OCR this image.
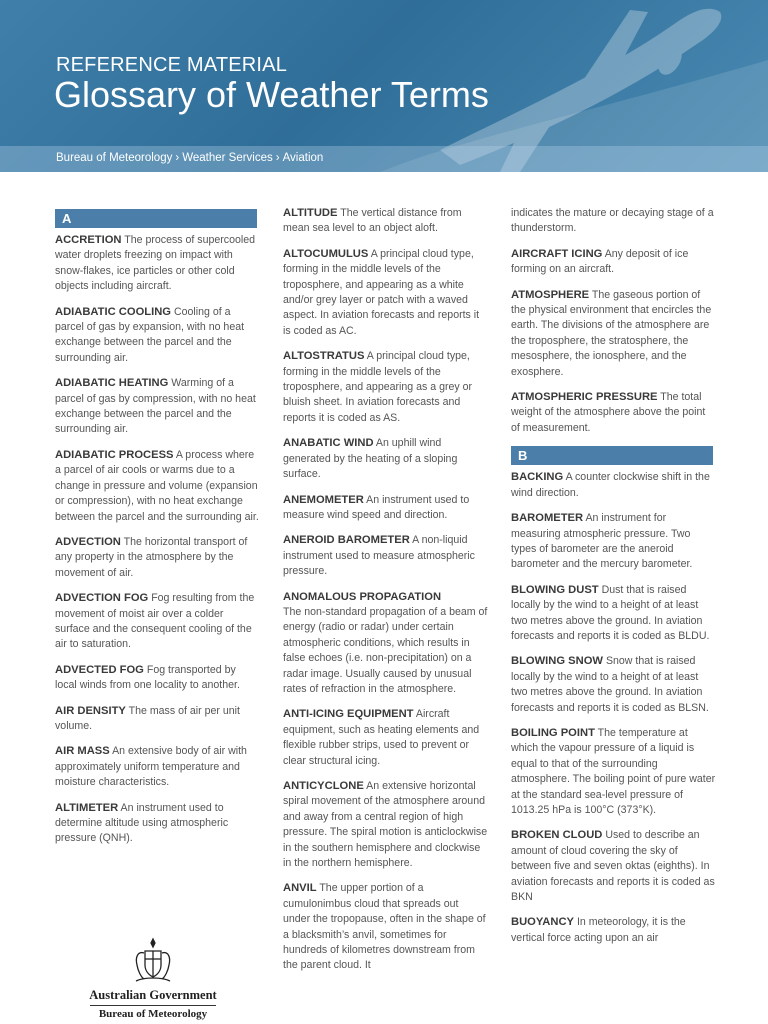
REFERENCE MATERIAL
Glossary of Weather Terms
Bureau of Meteorology › Weather Services › Aviation
A
ACCRETION The process of supercooled water droplets freezing on impact with snow-flakes, ice particles or other cold objects including aircraft.
ADIABATIC COOLING Cooling of a parcel of gas by expansion, with no heat exchange between the parcel and the surrounding air.
ADIABATIC HEATING Warming of a parcel of gas by compression, with no heat exchange between the parcel and the surrounding air.
ADIABATIC PROCESS A process where a parcel of air cools or warms due to a change in pressure and volume (expansion or compression), with no heat exchange between the parcel and the surrounding air.
ADVECTION The horizontal transport of any property in the atmosphere by the movement of air.
ADVECTION FOG Fog resulting from the movement of moist air over a colder surface and the consequent cooling of the air to saturation.
ADVECTED FOG Fog transported by local winds from one locality to another.
AIR DENSITY The mass of air per unit volume.
AIR MASS An extensive body of air with approximately uniform temperature and moisture characteristics.
ALTIMETER An instrument used to determine altitude using atmospheric pressure (QNH).
ALTITUDE The vertical distance from mean sea level to an object aloft.
ALTOCUMULUS A principal cloud type, forming in the middle levels of the troposphere, and appearing as a white and/or grey layer or patch with a waved aspect. In aviation forecasts and reports it is coded as AC.
ALTOSTRATUS A principal cloud type, forming in the middle levels of the troposphere, and appearing as a grey or bluish sheet. In aviation forecasts and reports it is coded as AS.
ANABATIC WIND An uphill wind generated by the heating of a sloping surface.
ANEMOMETER An instrument used to measure wind speed and direction.
ANEROID BAROMETER A non-liquid instrument used to measure atmospheric pressure.
ANOMALOUS PROPAGATION
The non-standard propagation of a beam of energy (radio or radar) under certain atmospheric conditions, which results in false echoes (i.e. non-precipitation) on a radar image. Usually caused by unusual rates of refraction in the atmosphere.
ANTI-ICING EQUIPMENT Aircraft equipment, such as heating elements and flexible rubber strips, used to prevent or clear structural icing.
ANTICYCLONE An extensive horizontal spiral movement of the atmosphere around and away from a central region of high pressure. The spiral motion is anticlockwise in the southern hemisphere and clockwise in the northern hemisphere.
ANVIL The upper portion of a cumulonimbus cloud that spreads out under the tropopause, often in the shape of a blacksmith’s anvil, sometimes for hundreds of kilometres downstream from the parent cloud. It
indicates the mature or decaying stage of a thunderstorm.
AIRCRAFT ICING Any deposit of ice forming on an aircraft.
ATMOSPHERE The gaseous portion of the physical environment that encircles the earth. The divisions of the atmosphere are the troposphere, the stratosphere, the mesosphere, the ionosphere, and the exosphere.
ATMOSPHERIC PRESSURE The total weight of the atmosphere above the point of measurement.
B
BACKING A counter clockwise shift in the wind direction.
BAROMETER An instrument for measuring atmospheric pressure. Two types of barometer are the aneroid barometer and the mercury barometer.
BLOWING DUST Dust that is raised locally by the wind to a height of at least two metres above the ground. In aviation forecasts and reports it is coded as BLDU.
BLOWING SNOW Snow that is raised locally by the wind to a height of at least two metres above the ground. In aviation forecasts and reports it is coded as BLSN.
BOILING POINT The temperature at which the vapour pressure of a liquid is equal to that of the surrounding atmosphere. The boiling point of pure water at the standard sea-level pressure of 1013.25 hPa is 100°C (373°K).
BROKEN CLOUD Used to describe an amount of cloud covering the sky of between five and seven oktas (eighths). In aviation forecasts and reports it is coded as BKN
BUOYANCY In meteorology, it is the vertical force acting upon an air
Australian Government
Bureau of Meteorology
